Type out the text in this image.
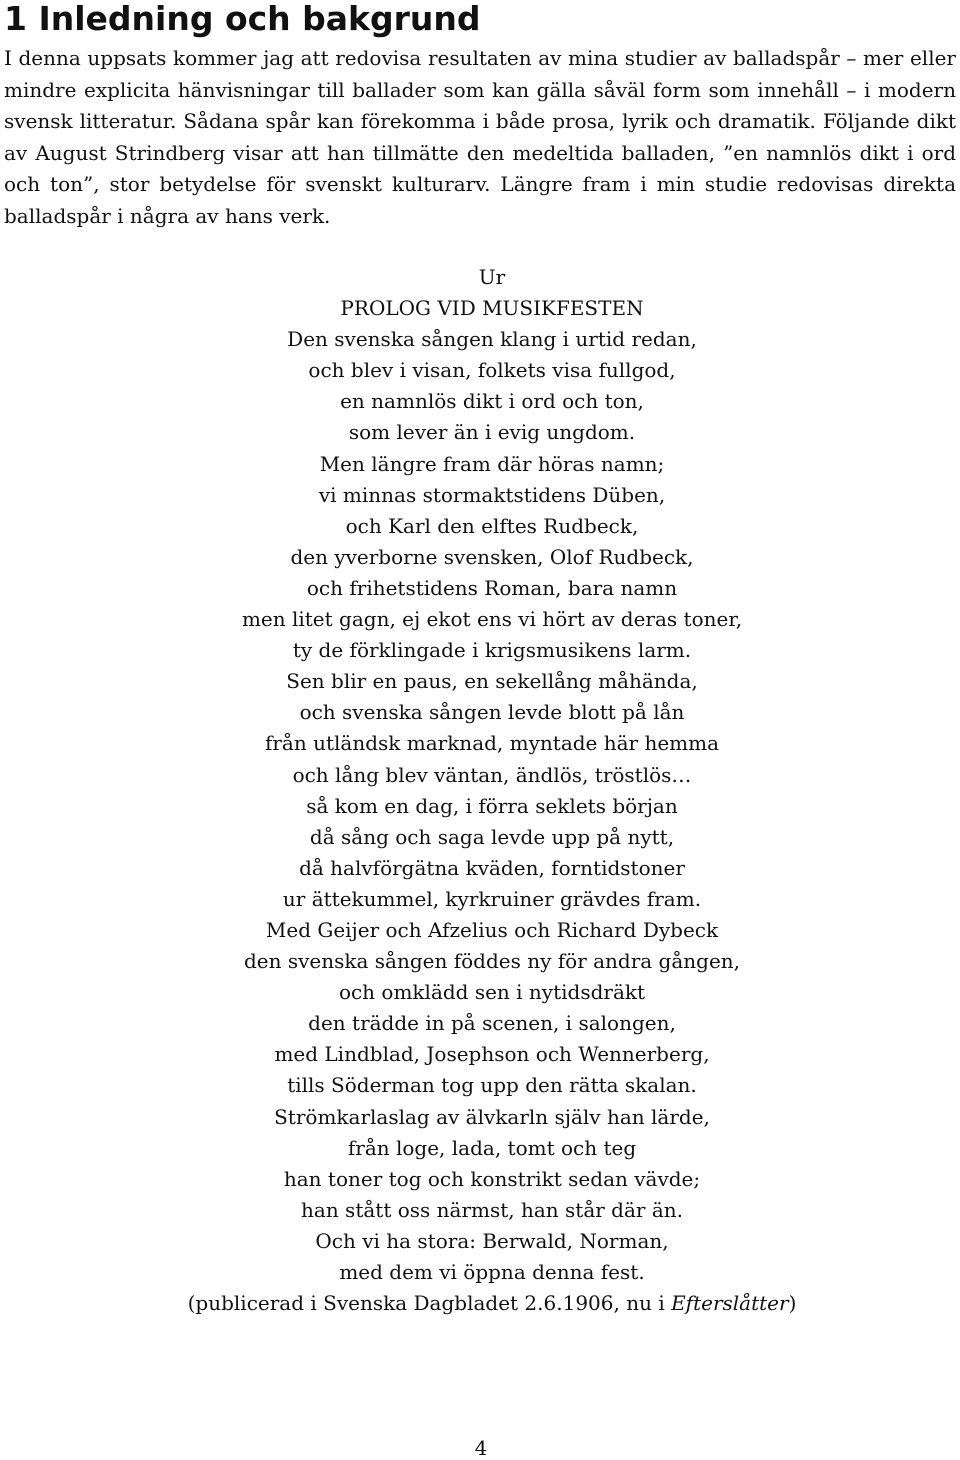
1 Inledning och bakgrund

I denna uppsats kommer jag att redovisa resultaten av mina studier av balladspår – mer eller mindre explicita hänvisningar till ballader som kan gälla såväl form som innehåll – i modern svensk litteratur. Sådana spår kan förekomma i både prosa, lyrik och dramatik. Följande dikt av August Strindberg visar att han tillmätte den medeltida balladen, ”en namnlös dikt i ord och ton”, stor betydelse för svenskt kulturarv. Längre fram i min studie redovisas direkta balladspår i några av hans verk.

Ur
PROLOG VID MUSIKFESTEN
Den svenska sången klang i urtid redan,
och blev i visan, folkets visa fullgod,
en namnlös dikt i ord och ton,
som lever än i evig ungdom.
Men längre fram där höras namn;
vi minnas stormaktstidens Düben,
och Karl den elftes Rudbeck,
den yverborne svensken, Olof Rudbeck,
och frihetstidens Roman, bara namn
men litet gagn, ej ekot ens vi hört av deras toner,
ty de förklingade i krigsmusikens larm.
Sen blir en paus, en sekellång måhända,
och svenska sången levde blott på lån
från utländsk marknad, myntade här hemma
och lång blev väntan, ändlös, tröstlös…
så kom en dag, i förra seklets början
då sång och saga levde upp på nytt,
då halvförgätna kväden, forntidstoner
ur ättekummel, kyrkruiner grävdes fram.
Med Geijer och Afzelius och Richard Dybeck
den svenska sången föddes ny för andra gången,
och omklädd sen i nytidsdräkt
den trädde in på scenen, i salongen,
med Lindblad, Josephson och Wennerberg,
tills Söderman tog upp den rätta skalan.
Strömkarlaslag av älvkarln själv han lärde,
från loge, lada, tomt och teg
han toner tog och konstrikt sedan vävde;
han stått oss närmst, han står där än.
Och vi ha stora: Berwald, Norman,
med dem vi öppna denna fest.
(publicerad i Svenska Dagbladet 2.6.1906, nu i Efterslåtter)
4
